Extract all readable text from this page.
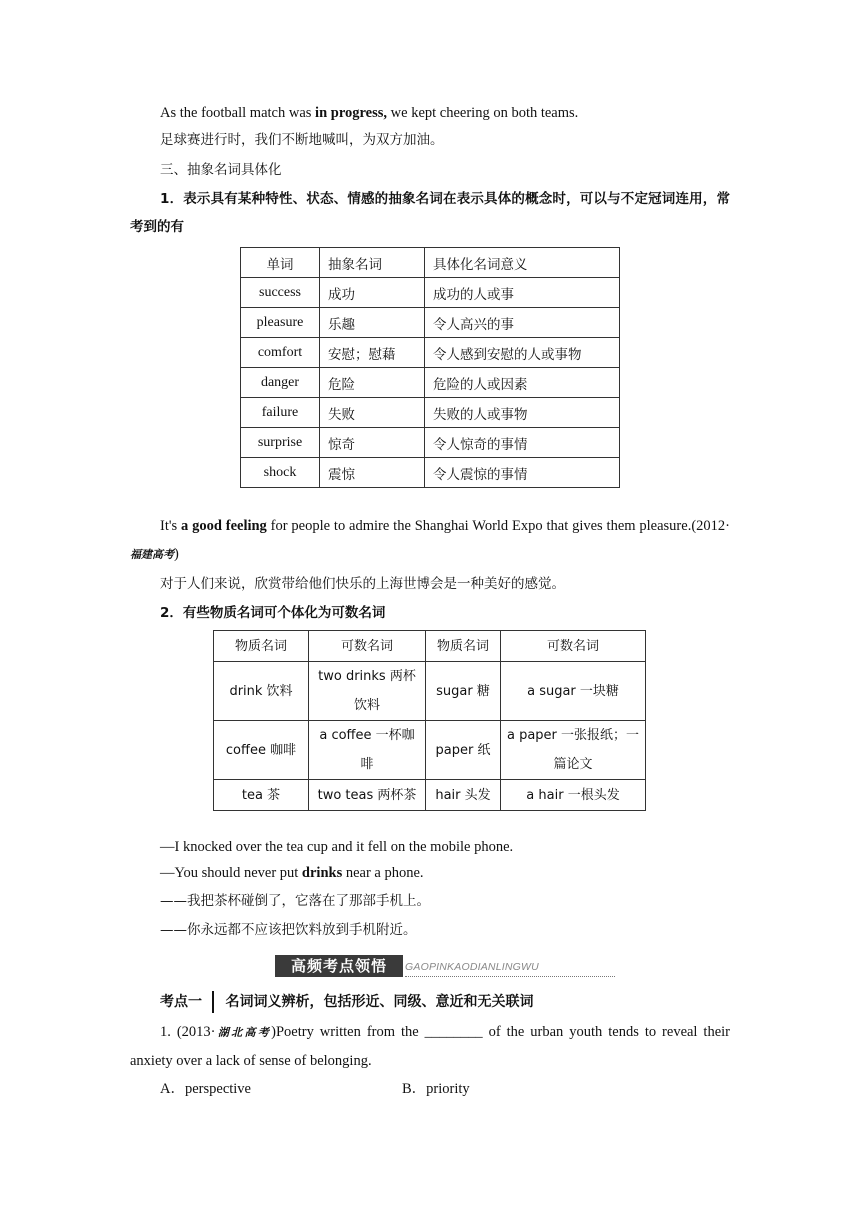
As the football match was in progress, we kept cheering on both teams.
足球赛进行时，我们不断地喊叫，为双方加油。
三、抽象名词具体化
1．表示具有某种特性、状态、情感的抽象名词在表示具体的概念时，可以与不定冠词连用，常考到的有
单词	抽象名词	具体化名词意义
success	成功	成功的人或事
pleasure	乐趣	令人高兴的事
comfort	安慰；慰藉	令人感到安慰的人或事物
danger	危险	危险的人或因素
failure	失败	失败的人或事物
surprise	惊奇	令人惊奇的事情
shock	震惊	令人震惊的事情
It's a good feeling for people to admire the Shanghai World Expo that gives them pleasure.(2012·福建高考)
对于人们来说，欣赏带给他们快乐的上海世博会是一种美好的感觉。
2．有些物质名词可个体化为可数名词
物质名词	可数名词	物质名词	可数名词
drink 饮料	two drinks 两杯饮料	sugar 糖	a sugar 一块糖
coffee 咖啡	a coffee 一杯咖啡	paper 纸	a paper 一张报纸；一篇论文
tea 茶	two teas 两杯茶	hair 头发	a hair 一根头发
—I knocked over the tea cup and it fell on the mobile phone.
—You should never put drinks near a phone.
——我把茶杯碰倒了，它落在了那部手机上。
——你永远都不应该把饮料放到手机附近。
高频考点领悟	GAOPINKAODIANLINGWU
考点一 名词词义辨析，包括形近、同级、意近和无关联词
1. (2013·湖北高考)Poetry written from the ________ of the urban youth tends to reveal their anxiety over a lack of sense of belonging.
A．perspective	B．priority
